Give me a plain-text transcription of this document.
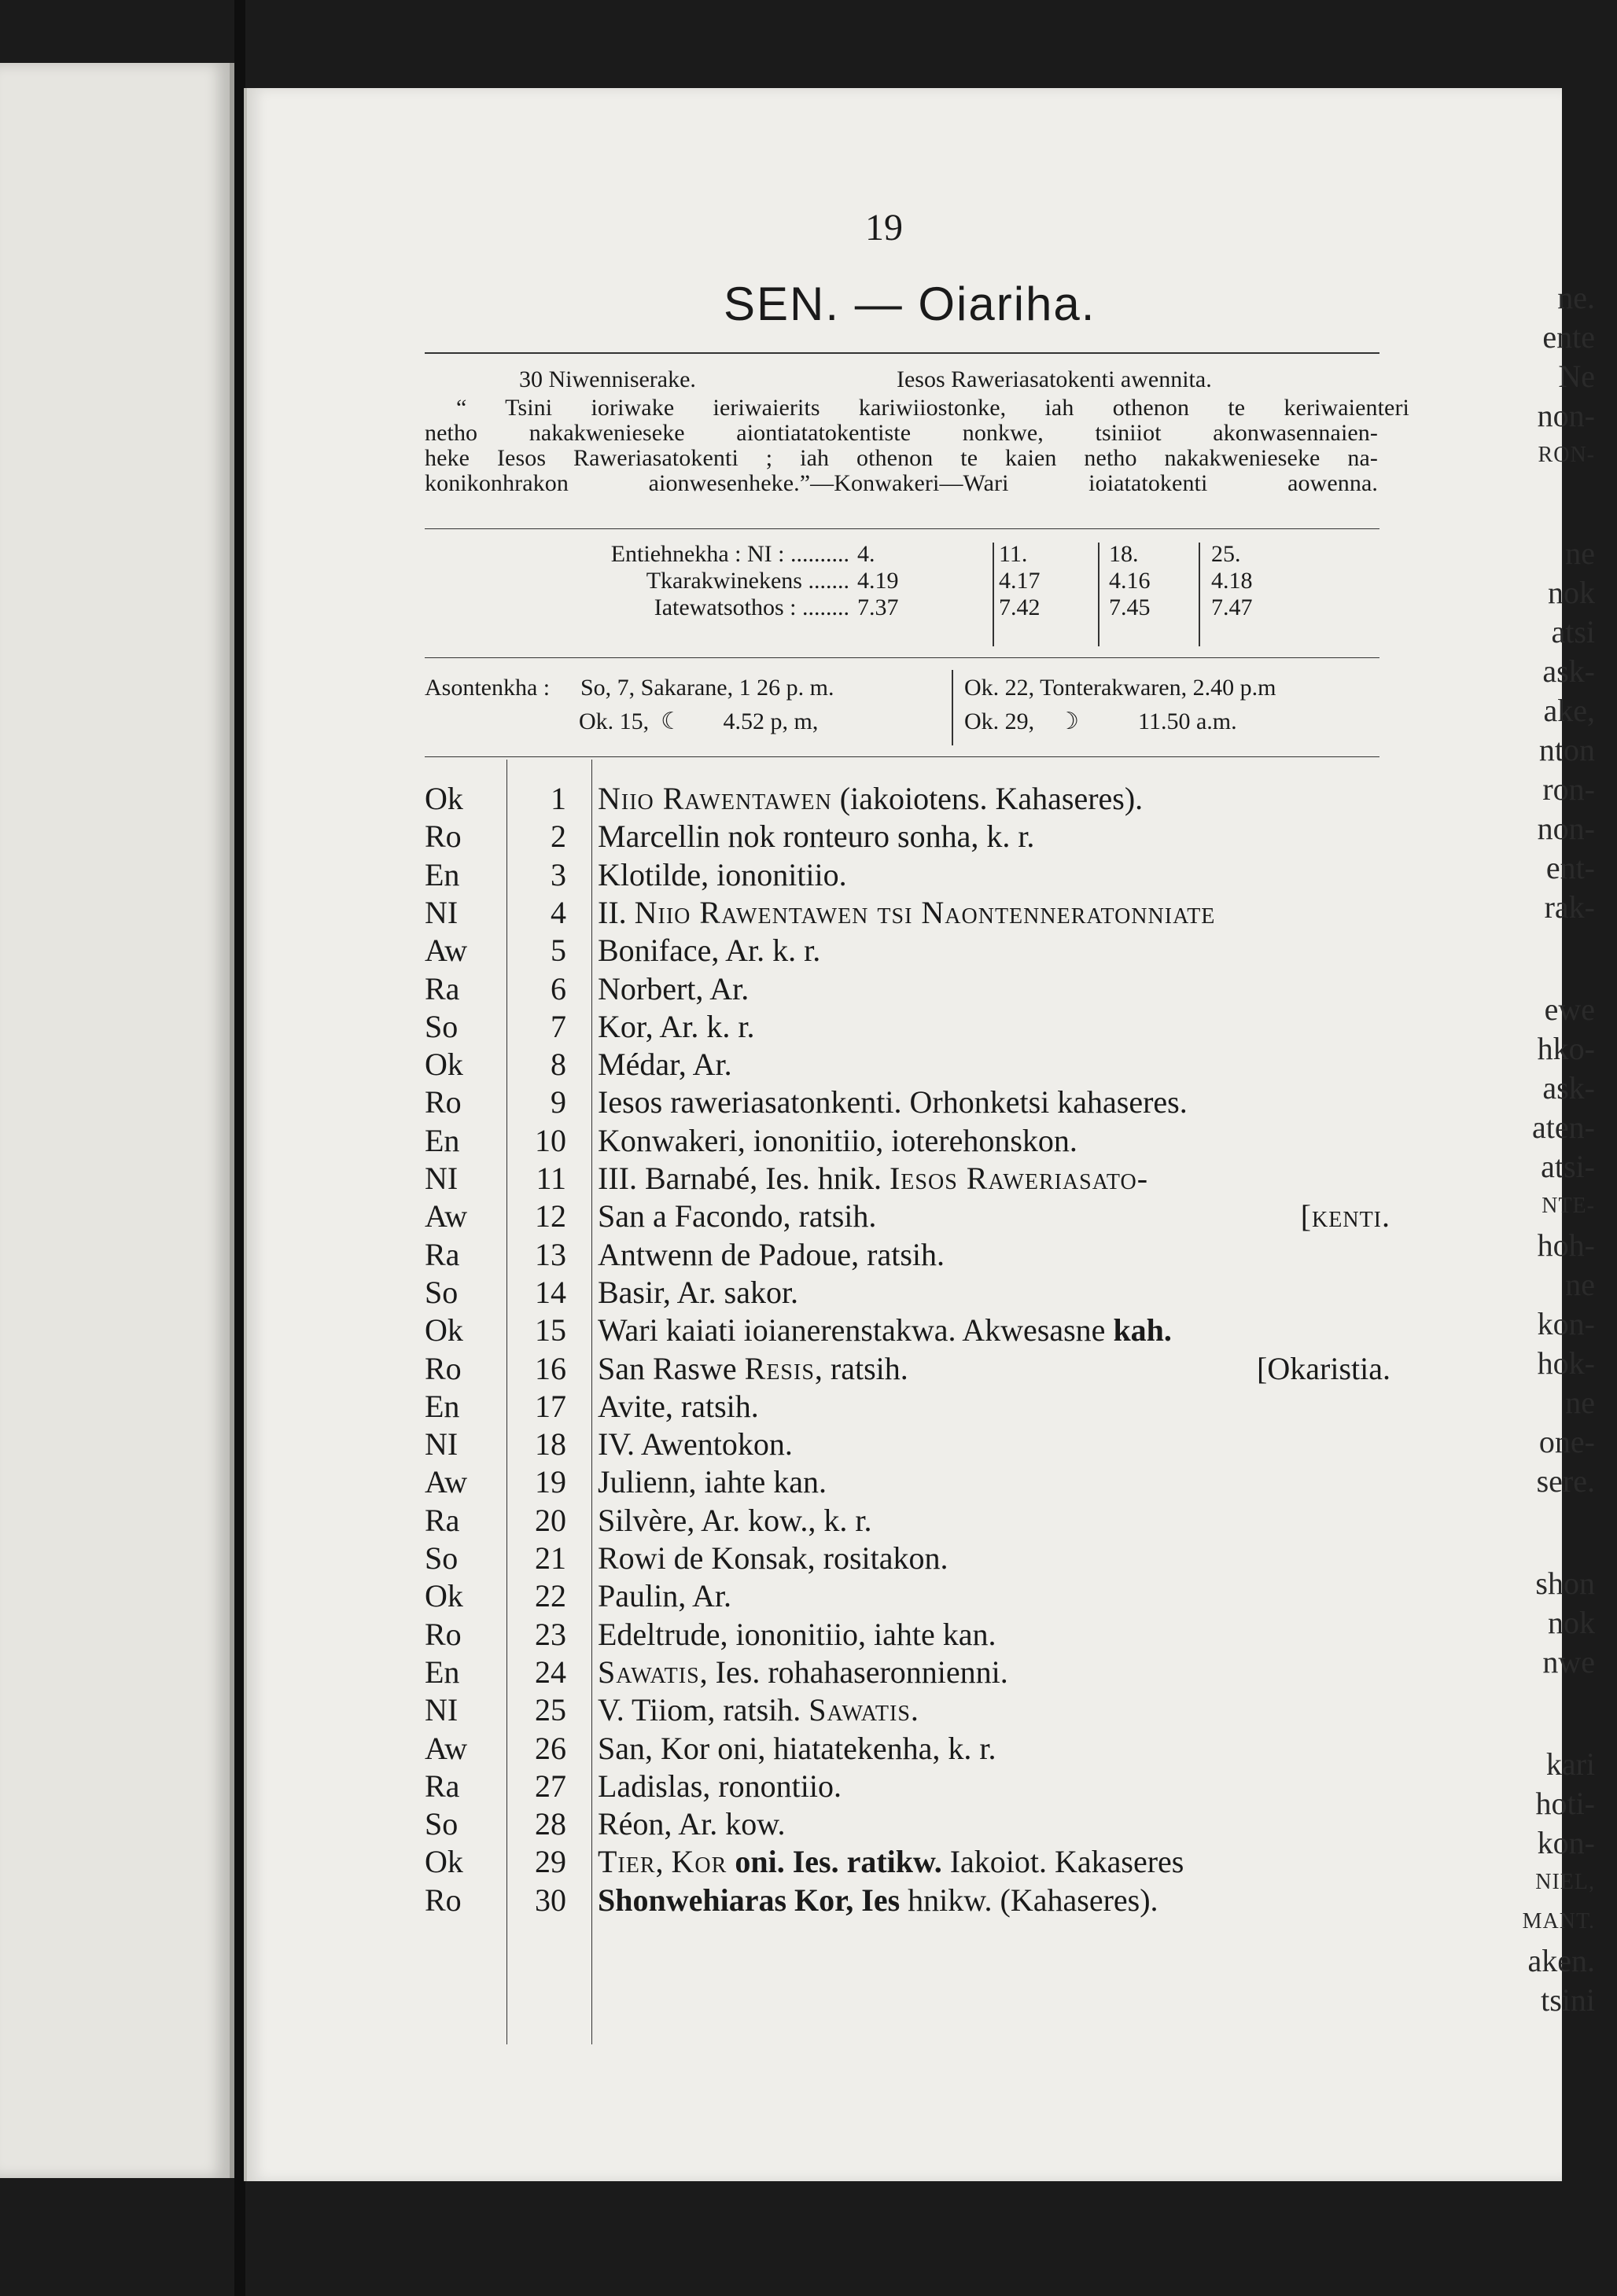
ne.
ente
Ne
non-
RON-
ne
nok
atsi
ask-
ake,
nton
ron-
non-
ent-
rak-
ewe
hko-
ask-
aten-
atsi-
NTE-
hoh-
ne
kon-
hok-
ne
one-
sere.
shon
nok
nwe
kari
hoti-
kon-
NIEL,
MANT.
aken.
tsini
19
SEN. — Oiariha.
30 Niwenniserake.	Iesos Raweriasatokenti awennita.
“ Tsini ioriwake ieriwaierits kariwiiostonke, iah othenon te keriwaienteri
netho nakakwenieseke aiontiatatokentiste nonkwe, tsiniiot akonwasennaien-
heke Iesos Raweriasatokenti ; iah othenon te kaien netho nakakwenieseke na-
konikonhrakon aionwesenheke.”—Konwakeri—Wari ioiatatokenti aowenna.
Entiehnekha : NI : .......... 4.	11.	18.	25.
Tkarakwinekens ....... 4.19	4.17	4.16	4.18
Iatewatsothos : ........ 7.37	7.42	7.45	7.47
Asontenkha : So, 7, Sakarane, 1 26 p. m.
Ok. 15,  ☾       4.52 p, m,
Ok. 22, Tonterakwaren, 2.40 p.m
Ok. 29,    ☽          11.50 a.m.
Ok	1 Niio Rawentawen (iakoiotens. Kahaseres).
Ro	2 Marcellin nok ronteuro sonha, k. r.
En	3 Klotilde, iononitiio.
NI	4 II. Niio Rawentawen tsi Naontenneratonniate
Aw	5 Boniface, Ar. k. r.
Ra	6 Norbert, Ar.
So	7 Kor, Ar. k. r.
Ok	8 Médar, Ar.
Ro	9 Iesos raweriasatonkenti. Orhonketsi kahaseres.
En	10 Konwakeri, iononitiio, ioterehonskon.
NI	11 III. Barnabé, Ies. hnik. Iesos Raweriasato-
Aw	12 San a Facondo, ratsih.	[kenti.
Ra	13 Antwenn de Padoue, ratsih.
So	14 Basir, Ar. sakor.
Ok	15 Wari kaiati ioianerenstakwa. Akwesasne kah.
Ro	16 San Raswe Resis, ratsih.	[Okaristia.
En	17 Avite, ratsih.
NI	18 IV. Awentokon.
Aw	19 Julienn, iahte kan.
Ra	20 Silvère, Ar. kow., k. r.
So	21 Rowi de Konsak, rositakon.
Ok	22 Paulin, Ar.
Ro	23 Edeltrude, iononitiio, iahte kan.
En	24 Sawatis, Ies. rohahaseronnienni.
NI	25 V. Tiiom, ratsih. Sawatis.
Aw	26 San, Kor oni, hiatatekenha, k. r.
Ra	27 Ladislas, ronontiio.
So	28 Réon, Ar. kow.
Ok	29 Tier, Kor oni. Ies. ratikw. Iakoiot. Kakaseres
Ro	30 Shonwehiaras Kor, Ies hnikw. (Kahaseres).
